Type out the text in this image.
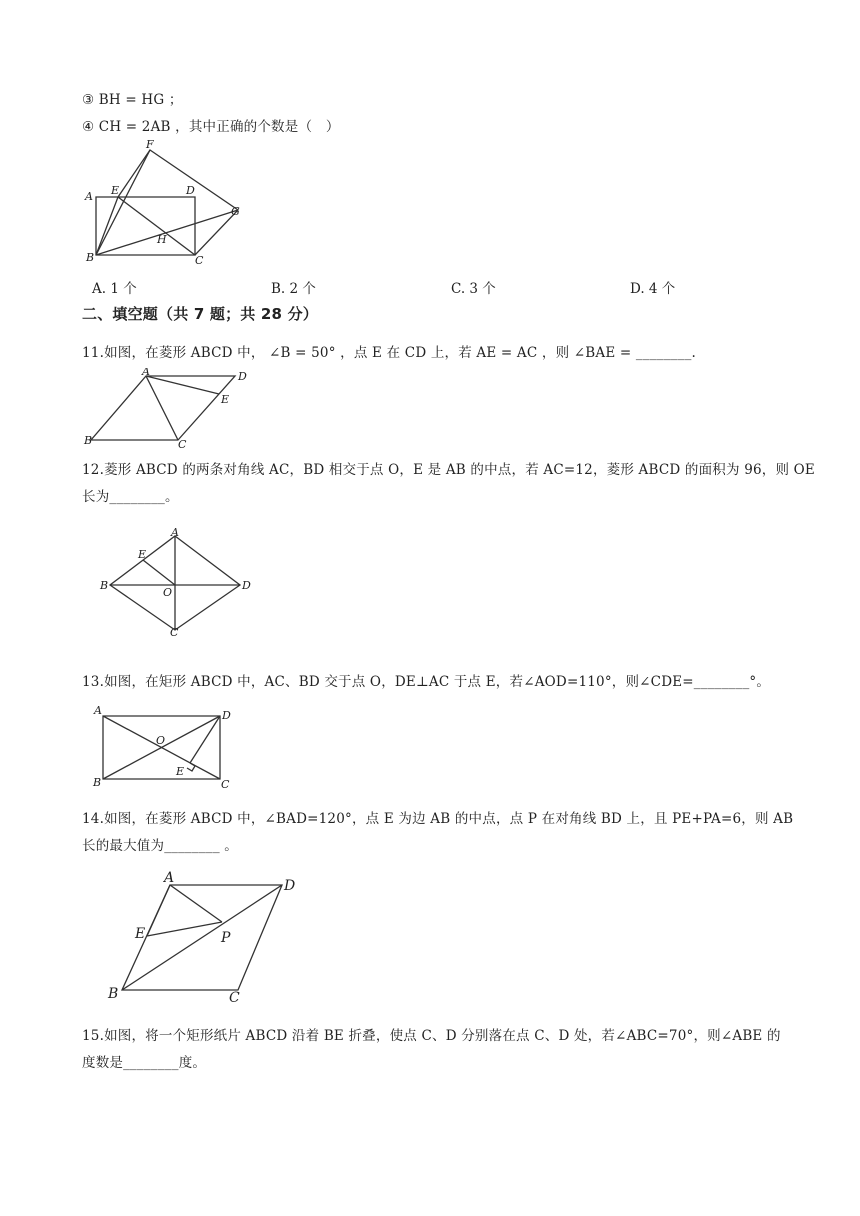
③ BH = HG ；
④ CH = 2AB ，其中正确的个数是（　）
A E
F
D
G
H
B	C
A. 1 个	B. 2 个	C. 3 个	D. 4 个
二、填空题（共 7 题；共 28 分）
11.如图，在菱形 ABCD 中， ∠B = 50° ，点 E 在 CD 上，若 AE = AC ，则 ∠BAE = ________.
A	D
E
B	C
12.菱形 ABCD 的两条对角线 AC，BD 相交于点 O，E 是 AB 的中点，若 AC=12，菱形 ABCD 的面积为 96，则 OE
长为________。
A
E
B
O
D
C
13.如图，在矩形 ABCD 中，AC、BD 交于点 O，DE⊥AC 于点 E，若∠AOD=110°，则∠CDE=________°。
A	D
O
E
B	C
14.如图，在菱形 ABCD 中，∠BAD=120°，点 E 为边 AB 的中点，点 P 在对角线 BD 上，且 PE+PA=6，则 AB
长的最大值为________ 。
A	D
E	P
B	C
15.如图，将一个矩形纸片 ABCD 沿着 BE 折叠，使点 C、D 分别落在点 C、D 处，若∠ABC=70°，则∠ABE 的
度数是________度。
